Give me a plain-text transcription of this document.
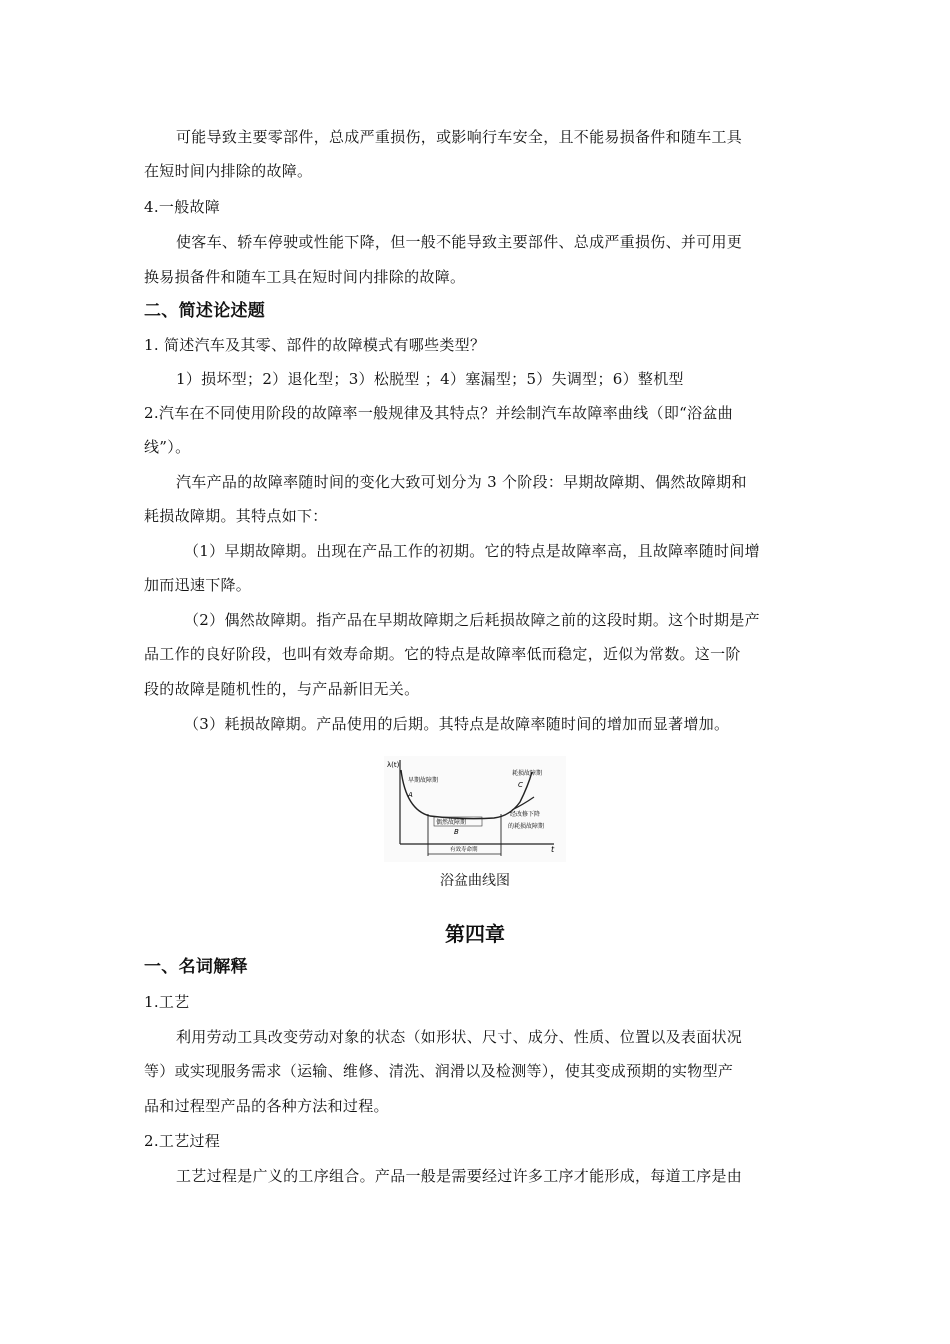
可能导致主要零部件，总成严重损伤，或影响行车安全，且不能易损备件和随车工具
在短时间内排除的故障。
4.一般故障
使客车、轿车停驶或性能下降，但一般不能导致主要部件、总成严重损伤、并可用更
换易损备件和随车工具在短时间内排除的故障。
二、简述论述题
1. 简述汽车及其零、部件的故障模式有哪些类型？
1）损坏型；2）退化型；3）松脱型 ；4）塞漏型；5）失调型；6）整机型
2.汽车在不同使用阶段的故障率一般规律及其特点？并绘制汽车故障率曲线（即“浴盆曲
线”）。
汽车产品的故障率随时间的变化大致可划分为 3 个阶段：早期故障期、偶然故障期和
耗损故障期。其特点如下：
（1）早期故障期。出现在产品工作的初期。它的特点是故障率高，且故障率随时间增
加而迅速下降。
（2）偶然故障期。指产品在早期故障期之后耗损故障之前的这段时期。这个时期是产
品工作的良好阶段，也叫有效寿命期。它的特点是故障率低而稳定，近似为常数。这一阶
段的故障是随机性的，与产品新旧无关。
（3）耗损故障期。产品使用的后期。其特点是故障率随时间的增加而显著增加。
λ(t)
t
早期故障期
A
偶然故障期
B
耗损故障期
C
经改修下降
的耗损故障期
有效寿命期
浴盆曲线图
第四章
一、名词解释
1.工艺
利用劳动工具改变劳动对象的状态（如形状、尺寸、成分、性质、位置以及表面状况
等）或实现服务需求（运输、维修、清洗、润滑以及检测等），使其变成预期的实物型产
品和过程型产品的各种方法和过程。
2.工艺过程
工艺过程是广义的工序组合。产品一般是需要经过许多工序才能形成，每道工序是由
